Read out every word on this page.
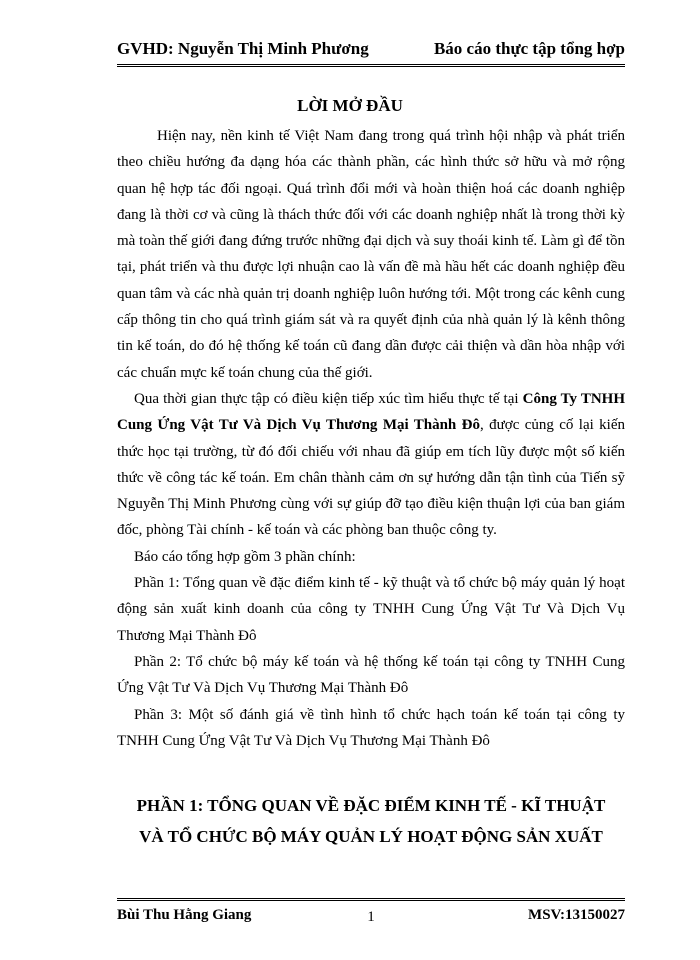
GVHD: Nguyễn Thị Minh Phương	Báo cáo thực tập tổng hợp
LỜI MỞ ĐẦU

Hiện nay, nền kinh tế Việt Nam đang trong quá trình hội nhập và phát triển theo chiều hướng đa dạng hóa các thành phần, các hình thức sở hữu và mở rộng quan hệ hợp tác đối ngoại. Quá trình đổi mới và hoàn thiện hoá các doanh nghiệp đang là thời cơ và cũng là thách thức đối với các doanh nghiệp nhất là trong thời kỳ mà toàn thế giới đang đứng trước những đại dịch và suy thoái kinh tế. Làm gì để tồn tại, phát triển và thu được lợi nhuận cao là vấn đề mà hầu hết các doanh nghiệp đều quan tâm và các nhà quản trị doanh nghiệp luôn hướng tới. Một trong các kênh cung cấp thông tin cho quá trình giám sát và ra quyết định của nhà quản lý là kênh thông tin kế toán, do đó hệ thống kế toán cũ đang dần được cải thiện và dần hòa nhập với các chuẩn mực kế toán chung của thế giới.

Qua thời gian thực tập có điều kiện tiếp xúc tìm hiểu thực tế tại Công Ty TNHH Cung Ứng Vật Tư Và Dịch Vụ Thương Mại Thành Đô, được củng cố lại kiến thức học tại trường, từ đó đối chiếu với nhau đã giúp em tích lũy được một số kiến thức về công tác kế toán. Em chân thành cảm ơn sự hướng dẫn tận tình của Tiến sỹ Nguyễn Thị Minh Phương cùng với sự giúp đỡ tạo điều kiện thuận lợi của ban giám đốc, phòng Tài chính - kế toán và các phòng ban thuộc công ty.

Báo cáo tổng hợp gồm 3 phần chính:

Phần 1: Tổng quan về đặc điểm kinh tế - kỹ thuật và tổ chức bộ máy quản lý hoạt động sản xuất kinh doanh của công ty TNHH Cung Ứng Vật Tư Và Dịch Vụ Thương Mại Thành Đô

Phần 2: Tổ chức bộ máy kế toán và hệ thống kế toán tại công ty TNHH Cung Ứng Vật Tư Và Dịch Vụ Thương Mại Thành Đô

Phần 3: Một số đánh giá về tình hình tổ chức hạch toán kế toán tại công ty TNHH Cung Ứng Vật Tư Và Dịch Vụ Thương Mại Thành Đô

PHẦN 1: TỔNG QUAN VỀ ĐẶC ĐIỂM KINH TẾ - KĨ THUẬT
VÀ TỔ CHỨC BỘ MÁY QUẢN LÝ HOẠT ĐỘNG SẢN XUẤT
Bùi Thu Hằng Giang	1	MSV:13150027
